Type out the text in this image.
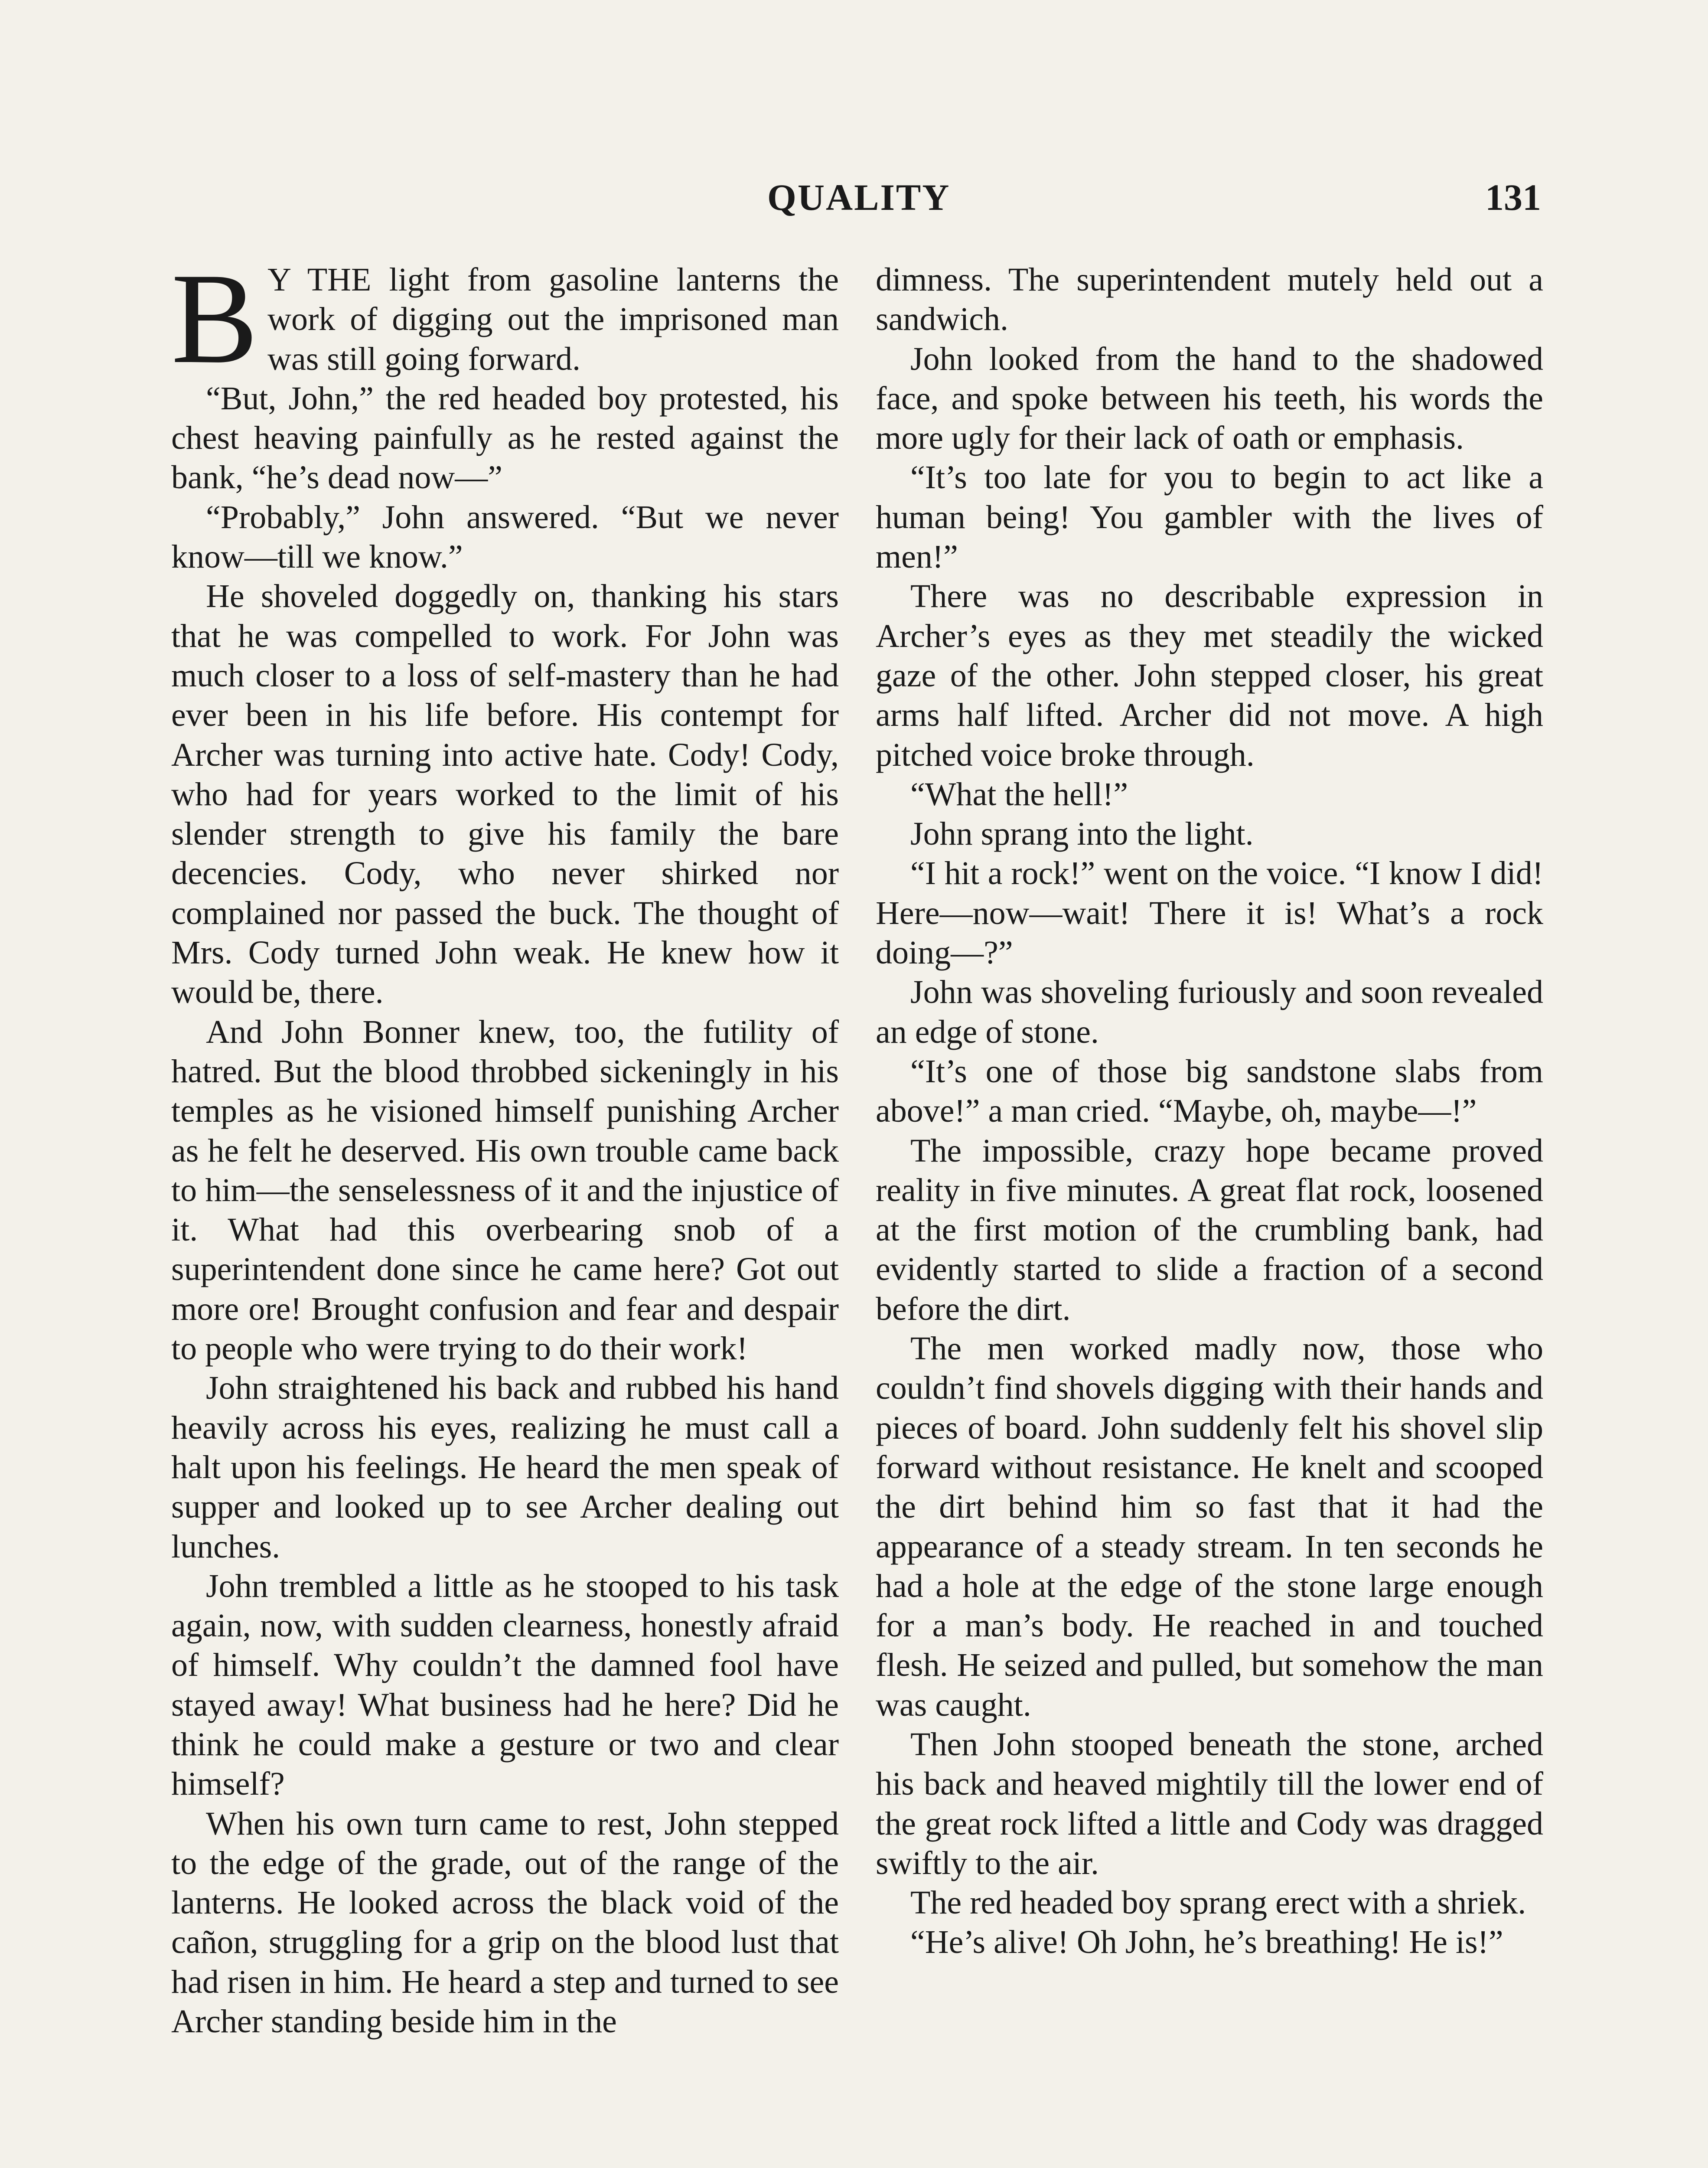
QUALITY	131

B Y THE light from gasoline lanterns the work of digging out the imprisoned man was still going forward.

“But, John,” the red headed boy protested, his chest heaving painfully as he rested against the bank, “he’s dead now—”

“Probably,” John answered. “But we never know—till we know.”

He shoveled doggedly on, thanking his stars that he was compelled to work. For John was much closer to a loss of self-mastery than he had ever been in his life before. His contempt for Archer was turning into active hate. Cody! Cody, who had for years worked to the limit of his slender strength to give his family the bare decencies. Cody, who never shirked nor complained nor passed the buck. The thought of Mrs. Cody turned John weak. He knew how it would be, there.

And John Bonner knew, too, the futility of hatred. But the blood throbbed sickeningly in his temples as he visioned himself punishing Archer as he felt he deserved. His own trouble came back to him—the senselessness of it and the injustice of it. What had this overbearing snob of a superintendent done since he came here? Got out more ore! Brought confusion and fear and despair to people who were trying to do their work!

John straightened his back and rubbed his hand heavily across his eyes, realizing he must call a halt upon his feelings. He heard the men speak of supper and looked up to see Archer dealing out lunches.

John trembled a little as he stooped to his task again, now, with sudden clearness, honestly afraid of himself. Why couldn’t the damned fool have stayed away! What business had he here? Did he think he could make a gesture or two and clear himself?

When his own turn came to rest, John stepped to the edge of the grade, out of the range of the lanterns. He looked across the black void of the cañon, struggling for a grip on the blood lust that had risen in him. He heard a step and turned to see Archer standing beside him in the

dimness. The superintendent mutely held out a sandwich.

John looked from the hand to the shadowed face, and spoke between his teeth, his words the more ugly for their lack of oath or emphasis.

“It’s too late for you to begin to act like a human being! You gambler with the lives of men!”

There was no describable expression in Archer’s eyes as they met steadily the wicked gaze of the other. John stepped closer, his great arms half lifted. Archer did not move. A high pitched voice broke through.

“What the hell!”

John sprang into the light.

“I hit a rock!” went on the voice. “I know I did! Here—now—wait! There it is! What’s a rock doing—?”

John was shoveling furiously and soon revealed an edge of stone.

“It’s one of those big sandstone slabs from above!” a man cried. “Maybe, oh, maybe—!”

The impossible, crazy hope became proved reality in five minutes. A great flat rock, loosened at the first motion of the crumbling bank, had evidently started to slide a fraction of a second before the dirt.

The men worked madly now, those who couldn’t find shovels digging with their hands and pieces of board. John suddenly felt his shovel slip forward without resistance. He knelt and scooped the dirt behind him so fast that it had the appearance of a steady stream. In ten seconds he had a hole at the edge of the stone large enough for a man’s body. He reached in and touched flesh. He seized and pulled, but somehow the man was caught.

Then John stooped beneath the stone, arched his back and heaved mightily till the lower end of the great rock lifted a little and Cody was dragged swiftly to the air.

The red headed boy sprang erect with a shriek.

“He’s alive! Oh John, he’s breathing! He is!”
